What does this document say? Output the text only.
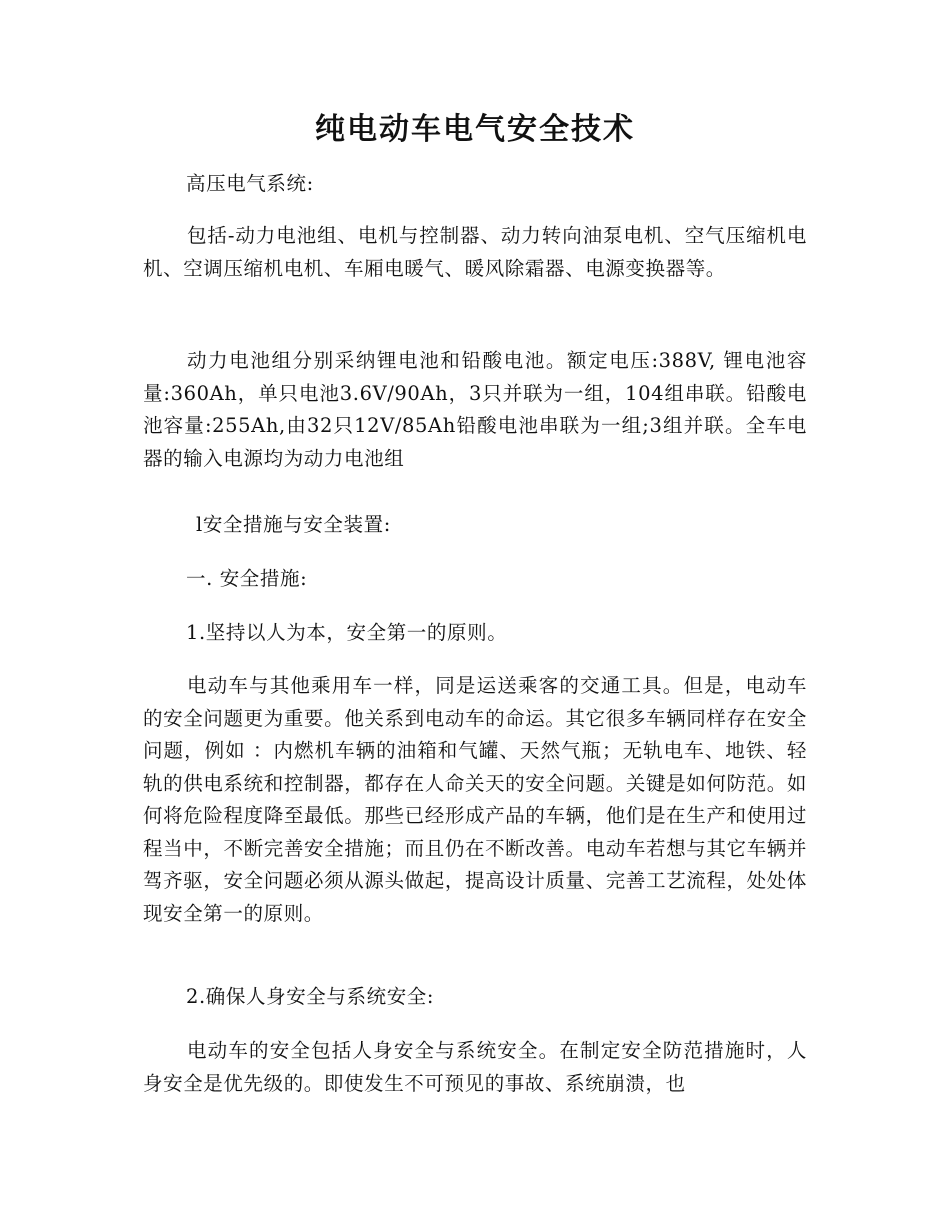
纯电动车电气安全技术

高压电气系统:

包括-动力电池组、电机与控制器、动力转向油泵电机、空气压缩机电机、空调压缩机电机、车厢电暖气、暖风除霜器、电源变换器等。

动力电池组分别采纳锂电池和铅酸电池。额定电压:388V, 锂电池容量:360Ah，单只电池3.6V/90Ah，3只并联为一组，104组串联。铅酸电池容量:255Ah,由32只12V/85Ah铅酸电池串联为一组;3组并联。全车电器的输入电源均为动力电池组

l安全措施与安全装置:

一. 安全措施:

1.坚持以人为本，安全第一的原则。

电动车与其他乘用车一样，同是运送乘客的交通工具。但是，电动车的安全问题更为重要。他关系到电动车的命运。其它很多车辆同样存在安全问题，例如 ：内燃机车辆的油箱和气罐、天然气瓶；无轨电车、地铁、轻轨的供电系统和控制器，都存在人命关天的安全问题。关键是如何防范。如何将危险程度降至最低。那些已经形成产品的车辆，他们是在生产和使用过程当中，不断完善安全措施；而且仍在不断改善。电动车若想与其它车辆并驾齐驱，安全问题必须从源头做起，提高设计质量、完善工艺流程，处处体现安全第一的原则。

2.确保人身安全与系统安全:

电动车的安全包括人身安全与系统安全。在制定安全防范措施时，人身安全是优先级的。即使发生不可预见的事故、系统崩溃，也
